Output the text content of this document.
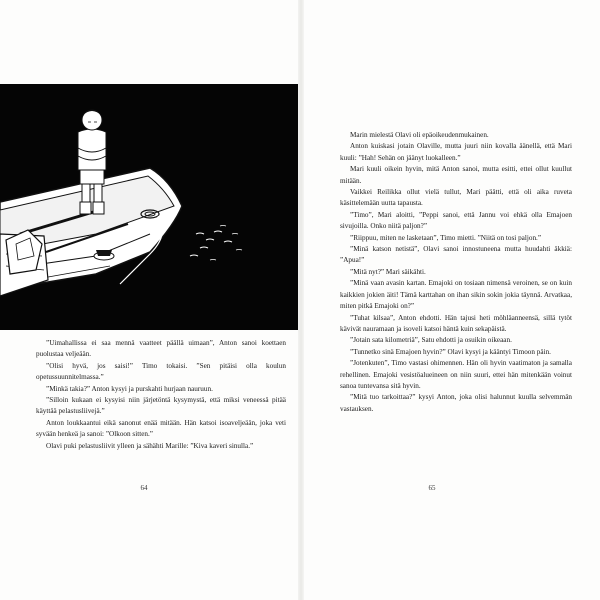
”Uimahallissa ei saa mennä vaatteet päällä uimaan”, Anton sanoi koettaen puolustaa veljeään.

”Olisi hyvä, jos saisi!” Timo tokaisi. ”Sen pitäisi olla koulun opetussuunnitelmassa.”

”Minkä takia?” Anton kysyi ja purskahti hurjaan nauruun.

”Silloin kukaan ei kysyisi niin järjetöntä kysymystä, että miksi veneessä pitää käyttää pelastusliivejä.”

Anton loukkaantui eikä sanonut enää mitään. Hän katsoi isoaveljeään, joka veti syvään henkeä ja sanoi: ”Olkoon sitten.”

Olavi puki pelastusliivit ylleen ja sähähti Marille: ”Kiva kaveri sinulla.”

64

Marin mielestä Olavi oli epäoikeudenmukainen.

Anton kuiskasi jotain Olaville, mutta juuri niin kovalla äänellä, että Mari kuuli: ”Hah! Sehän on jäänyt luokalleen.”

Mari kuuli oikein hyvin, mitä Anton sanoi, mutta esitti, ettei ollut kuullut mitään.

Vaikkei Reilikka ollut vielä tullut, Mari päätti, että oli aika ruveta käsittelemään uutta tapausta.

”Timo”, Mari aloitti, ”Peppi sanoi, että Jannu voi ehkä olla Emajoen sivujoilla. Onko niitä paljon?”

”Riippuu, miten ne lasketaan”, Timo mietti. ”Niitä on tosi paljon.”

”Minä katson netistä”, Olavi sanoi innostuneena mutta huudahti äkkiä: ”Apua!”

”Mitä nyt?” Mari säikähti.

”Minä vaan avasin kartan. Emajoki on tosiaan nimensä veroinen, se on kuin kaikkien jokien äiti! Tämä karttahan on ihan sikin sokin jokia täynnä. Arvatkaa, miten pitkä Emajoki on?”

”Tuhat kilsaa”, Anton ehdotti. Hän tajusi heti möhläanneensä, sillä tytöt kävivät nauramaan ja isoveli katsoi häntä kuin sekapäistä.

”Jotain sata kilometriä”, Satu ehdotti ja osuikin oikeaan.

”Tunnetko sinä Emajoen hyvin?” Olavi kysyi ja kääntyi Timoon päin.

”Jotenkuten”, Timo vastasi ohimennen. Hän oli hyvin vaatimaton ja samalla rehellinen. Emajoki vesistöalueineen on niin suuri, ettei hän mitenkään voinut sanoa tuntevansa sitä hyvin.

”Mitä tuo tarkoittaa?” kysyi Anton, joka olisi halunnut kuulla selvemmän vastauksen.

65
